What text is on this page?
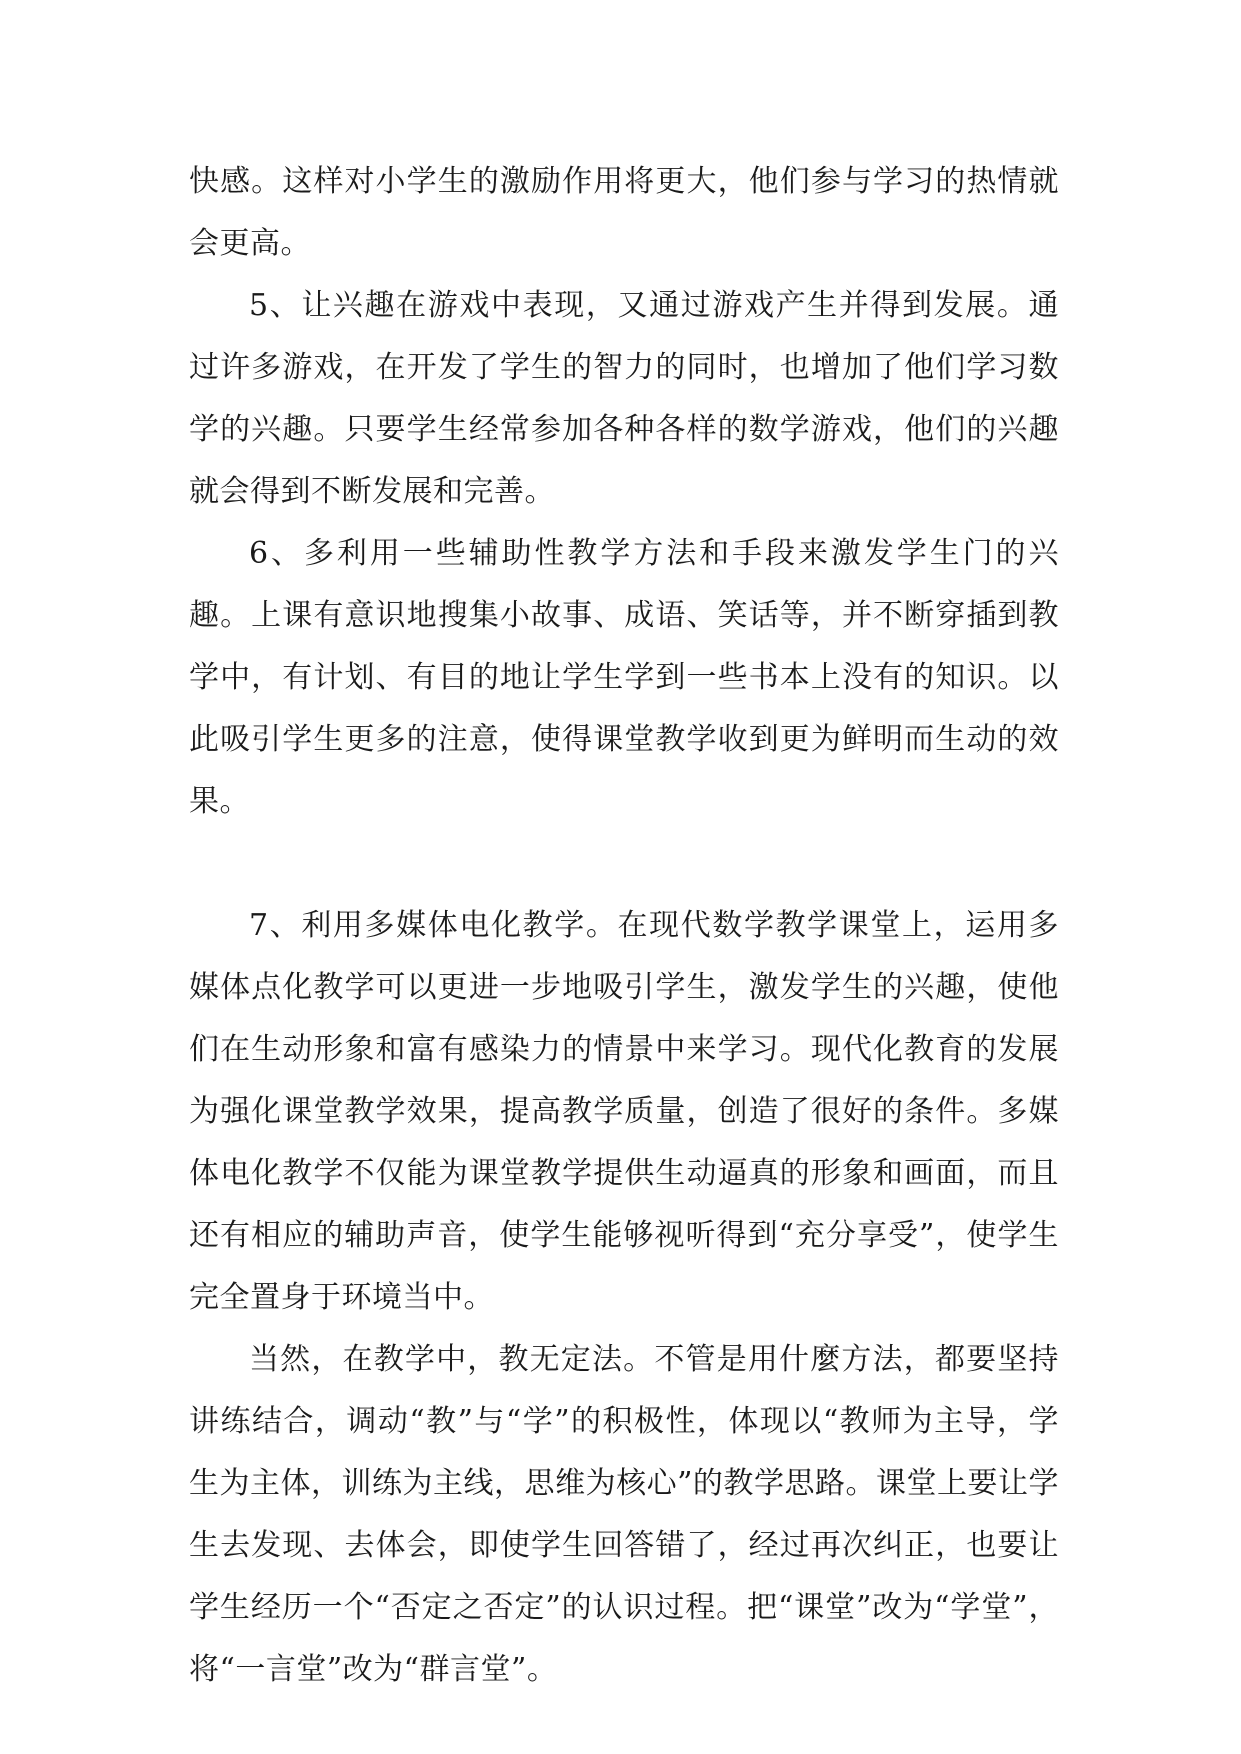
快感。这样对小学生的激励作用将更大，他们参与学习的热情就会更高。

5、让兴趣在游戏中表现，又通过游戏产生并得到发展。通过许多游戏，在开发了学生的智力的同时，也增加了他们学习数学的兴趣。只要学生经常参加各种各样的数学游戏，他们的兴趣就会得到不断发展和完善。

6、多利用一些辅助性教学方法和手段来激发学生门的兴趣。上课有意识地搜集小故事、成语、笑话等，并不断穿插到教学中，有计划、有目的地让学生学到一些书本上没有的知识。以此吸引学生更多的注意，使得课堂教学收到更为鲜明而生动的效果。

7、利用多媒体电化教学。在现代数学教学课堂上，运用多媒体点化教学可以更进一步地吸引学生，激发学生的兴趣，使他们在生动形象和富有感染力的情景中来学习。现代化教育的发展为强化课堂教学效果，提高教学质量，创造了很好的条件。多媒体电化教学不仅能为课堂教学提供生动逼真的形象和画面，而且还有相应的辅助声音，使学生能够视听得到“充分享受”，使学生完全置身于环境当中。

当然，在教学中，教无定法。不管是用什麼方法，都要坚持讲练结合，调动“教”与“学”的积极性，体现以“教师为主导，学生为主体，训练为主线，思维为核心”的教学思路。课堂上要让学生去发现、去体会，即使学生回答错了，经过再次纠正，也要让学生经历一个“否定之否定”的认识过程。把“课堂”改为“学堂”，将“一言堂”改为“群言堂”。
